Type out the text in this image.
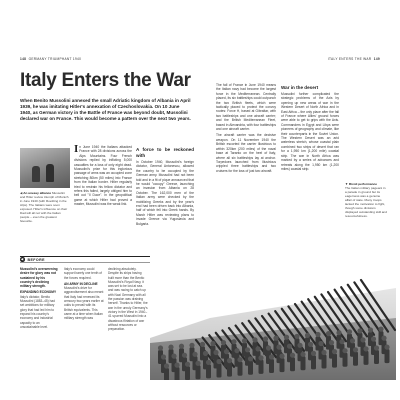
148 GERMANY TRIUMPHANT 1940
Italy Enters the War

When Benito Mussolini annexed the small Adriatic kingdom of Albania in April 1939, he was imitating Hitler's annexation of Czechoslovakia. On 10 June 1940, as German victory in the Battle of France was beyond doubt, Mussolini declared war on France. This would become a pattern over the next two years.

◀ An uneasy alliance Mussolini and Hitler review triumph of Munich in June 1940 (with Roettling in the Alps). The Italians were soon exposed. Hitler's influence on their Dad will all not with the Italian people – even the greatest favourite.

I n June 1940 the Italians attacked France with 28 divisions across the Alps Mountains. Four French divisions replied by inflicting 5,000 casualties for a loss of only eight dead. Mussolini's prize for this inglorious passage of arms was an occupied zone stretching 80km (50 miles) into France from the Italian border. Hitler regularly tried to restrain his fellow dictator and refers this failed, largely obliged him to bell out "Il Duce". In the geopolitical game at which Hitler had proved a master, Mussolini was the weak link.

A force to be reckoned with

In October 1940, Mussolini's foreign dictator, General Antonescu, allowed the country to be occupied by the German army. Mussolini had not been told and in a fit of pique announced that he would "occupy" Greece, launching an invasion from Albania on 28 October. The 162,000 men of the Italian army were checked by the mobilizing Greeks and by the year's end had been driven back into Albania, half of which fell into Greek hands. By March Hitler was reviewing plans to invade Greece via Yugoslavia and Bulgaria.

◀ BEFORE
Mussolini's overweening desire for glory was not sustained by his country's declining military strength.
EXPANDING ECONOMY
Italy's dictator, Benito Mussolini (1883–45) had set ambitions for military glory that had led him to expand his country's economy and industrial capacity to an unsustainable level.
Italy's economy could support barely one tenth of the forces required.
AN ARMY IN DECLINE
Mussolini's drive for aggrandisement also meant that Italy had renewed its armoury two years earlier at odds to prevail with its British equivalents. This came at a time when Italian military strength was
declining absolutely. Despite its ships having built more than the Benito Mussolini's Royal Navy, it was set to be lost at sea.
and was racing to catch up with Nazi Germany with all the passion was draining herself. Thanks to Hitler, the war in the unruly Germany's victory in the West in 1940–41 spurred Mussolini into a disastrous flirtation of war without resources or preparation.
ITALY ENTERS THE WAR 149

The fall of France in June 1940 means the Italian navy had become the largest force in the Mediterranean. Centrally placed, its six battleships could outpunch the two British fleets, which were tactically placed to protect the convoy routes: Force H, based at Gibraltar, with two battleships and one aircraft carrier; and the British Mediterranean Fleet, based in Alexandria, with four battleships and one aircraft carrier.

The aircraft carrier was the decisive weapon. On 11 November 1940 the British escorted the carrier Illustrious to within 320km (200 miles) of the naval base at Taranto on the heel of Italy, where all six battleships lay at anchor. Torpedoes launched from Illustrious crippled three battleships and two cruisers for the loss of just two aircraft.

War in the desert

Mussolini further complicated the strategic problems of the Axis by opening up new areas of war in the Western Desert of North Africa and in East Africa – the only place after the fall of France where Allies' ground forces were able to get to grips with the Axis. Commanders in Egypt and Libya were pioneers of geography and climate, like their counterparts in the Soviet Union. The Western Desert was an arid waterless stretch, whose coastal plain combined two strips of desert that ran for a 1,950 km (1,200 mile) coastal strip. The war in North Africa was marked by a series of advances and retreats along the 1,950 km (1,200 miles) coastal strip.

▼ Rivoli performance
The Italian military pageant in a parade in ground but its eagerness was a genuine affair of state. Many troops lacked the motivation to fight, though some divisions displayed outstanding skill and resourcefulness.
